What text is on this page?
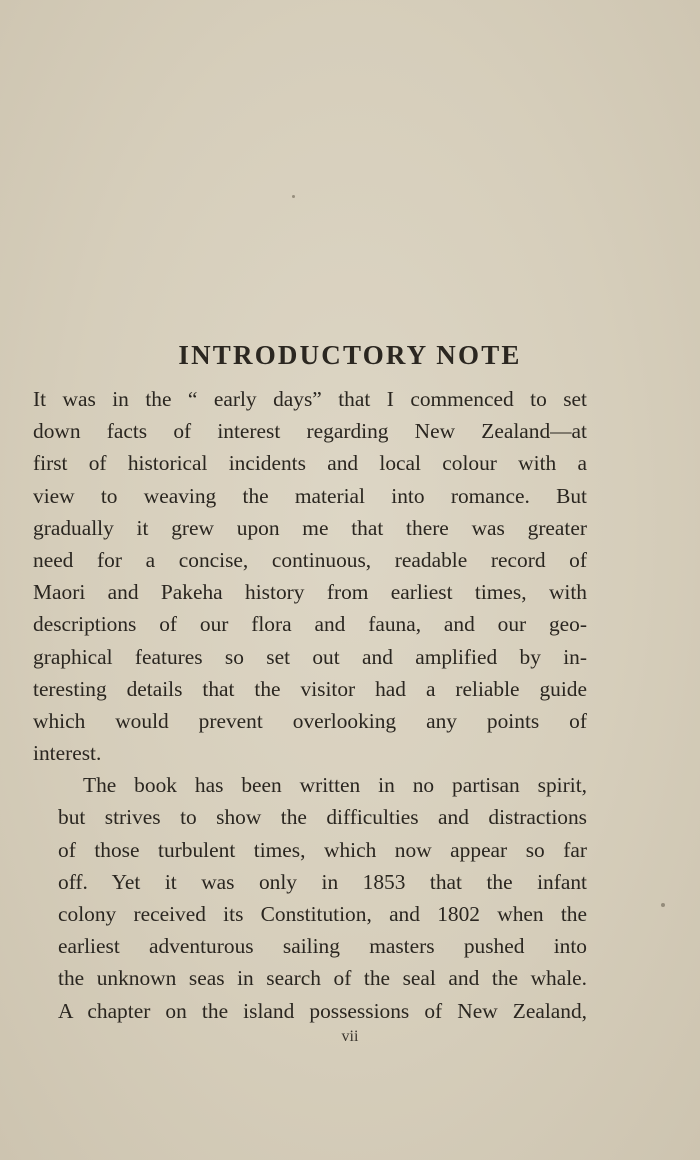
INTRODUCTORY NOTE

It was in the “ early days” that I commenced to set
down facts of interest regarding New Zealand—at
first of historical incidents and local colour with a
view to weaving the material into romance. But
gradually it grew upon me that there was greater
need for a concise, continuous, readable record of
Maori and Pakeha history from earliest times, with
descriptions of our flora and fauna, and our geo-
graphical features so set out and amplified by in-
teresting details that the visitor had a reliable guide
which would prevent overlooking any points of
interest.

The book has been written in no partisan spirit,
but strives to show the difficulties and distractions
of those turbulent times, which now appear so far
off. Yet it was only in 1853 that the infant
colony received its Constitution, and 1802 when the
earliest adventurous sailing masters pushed into
the unknown seas in search of the seal and the whale.
A chapter on the island possessions of New Zealand,

vii
